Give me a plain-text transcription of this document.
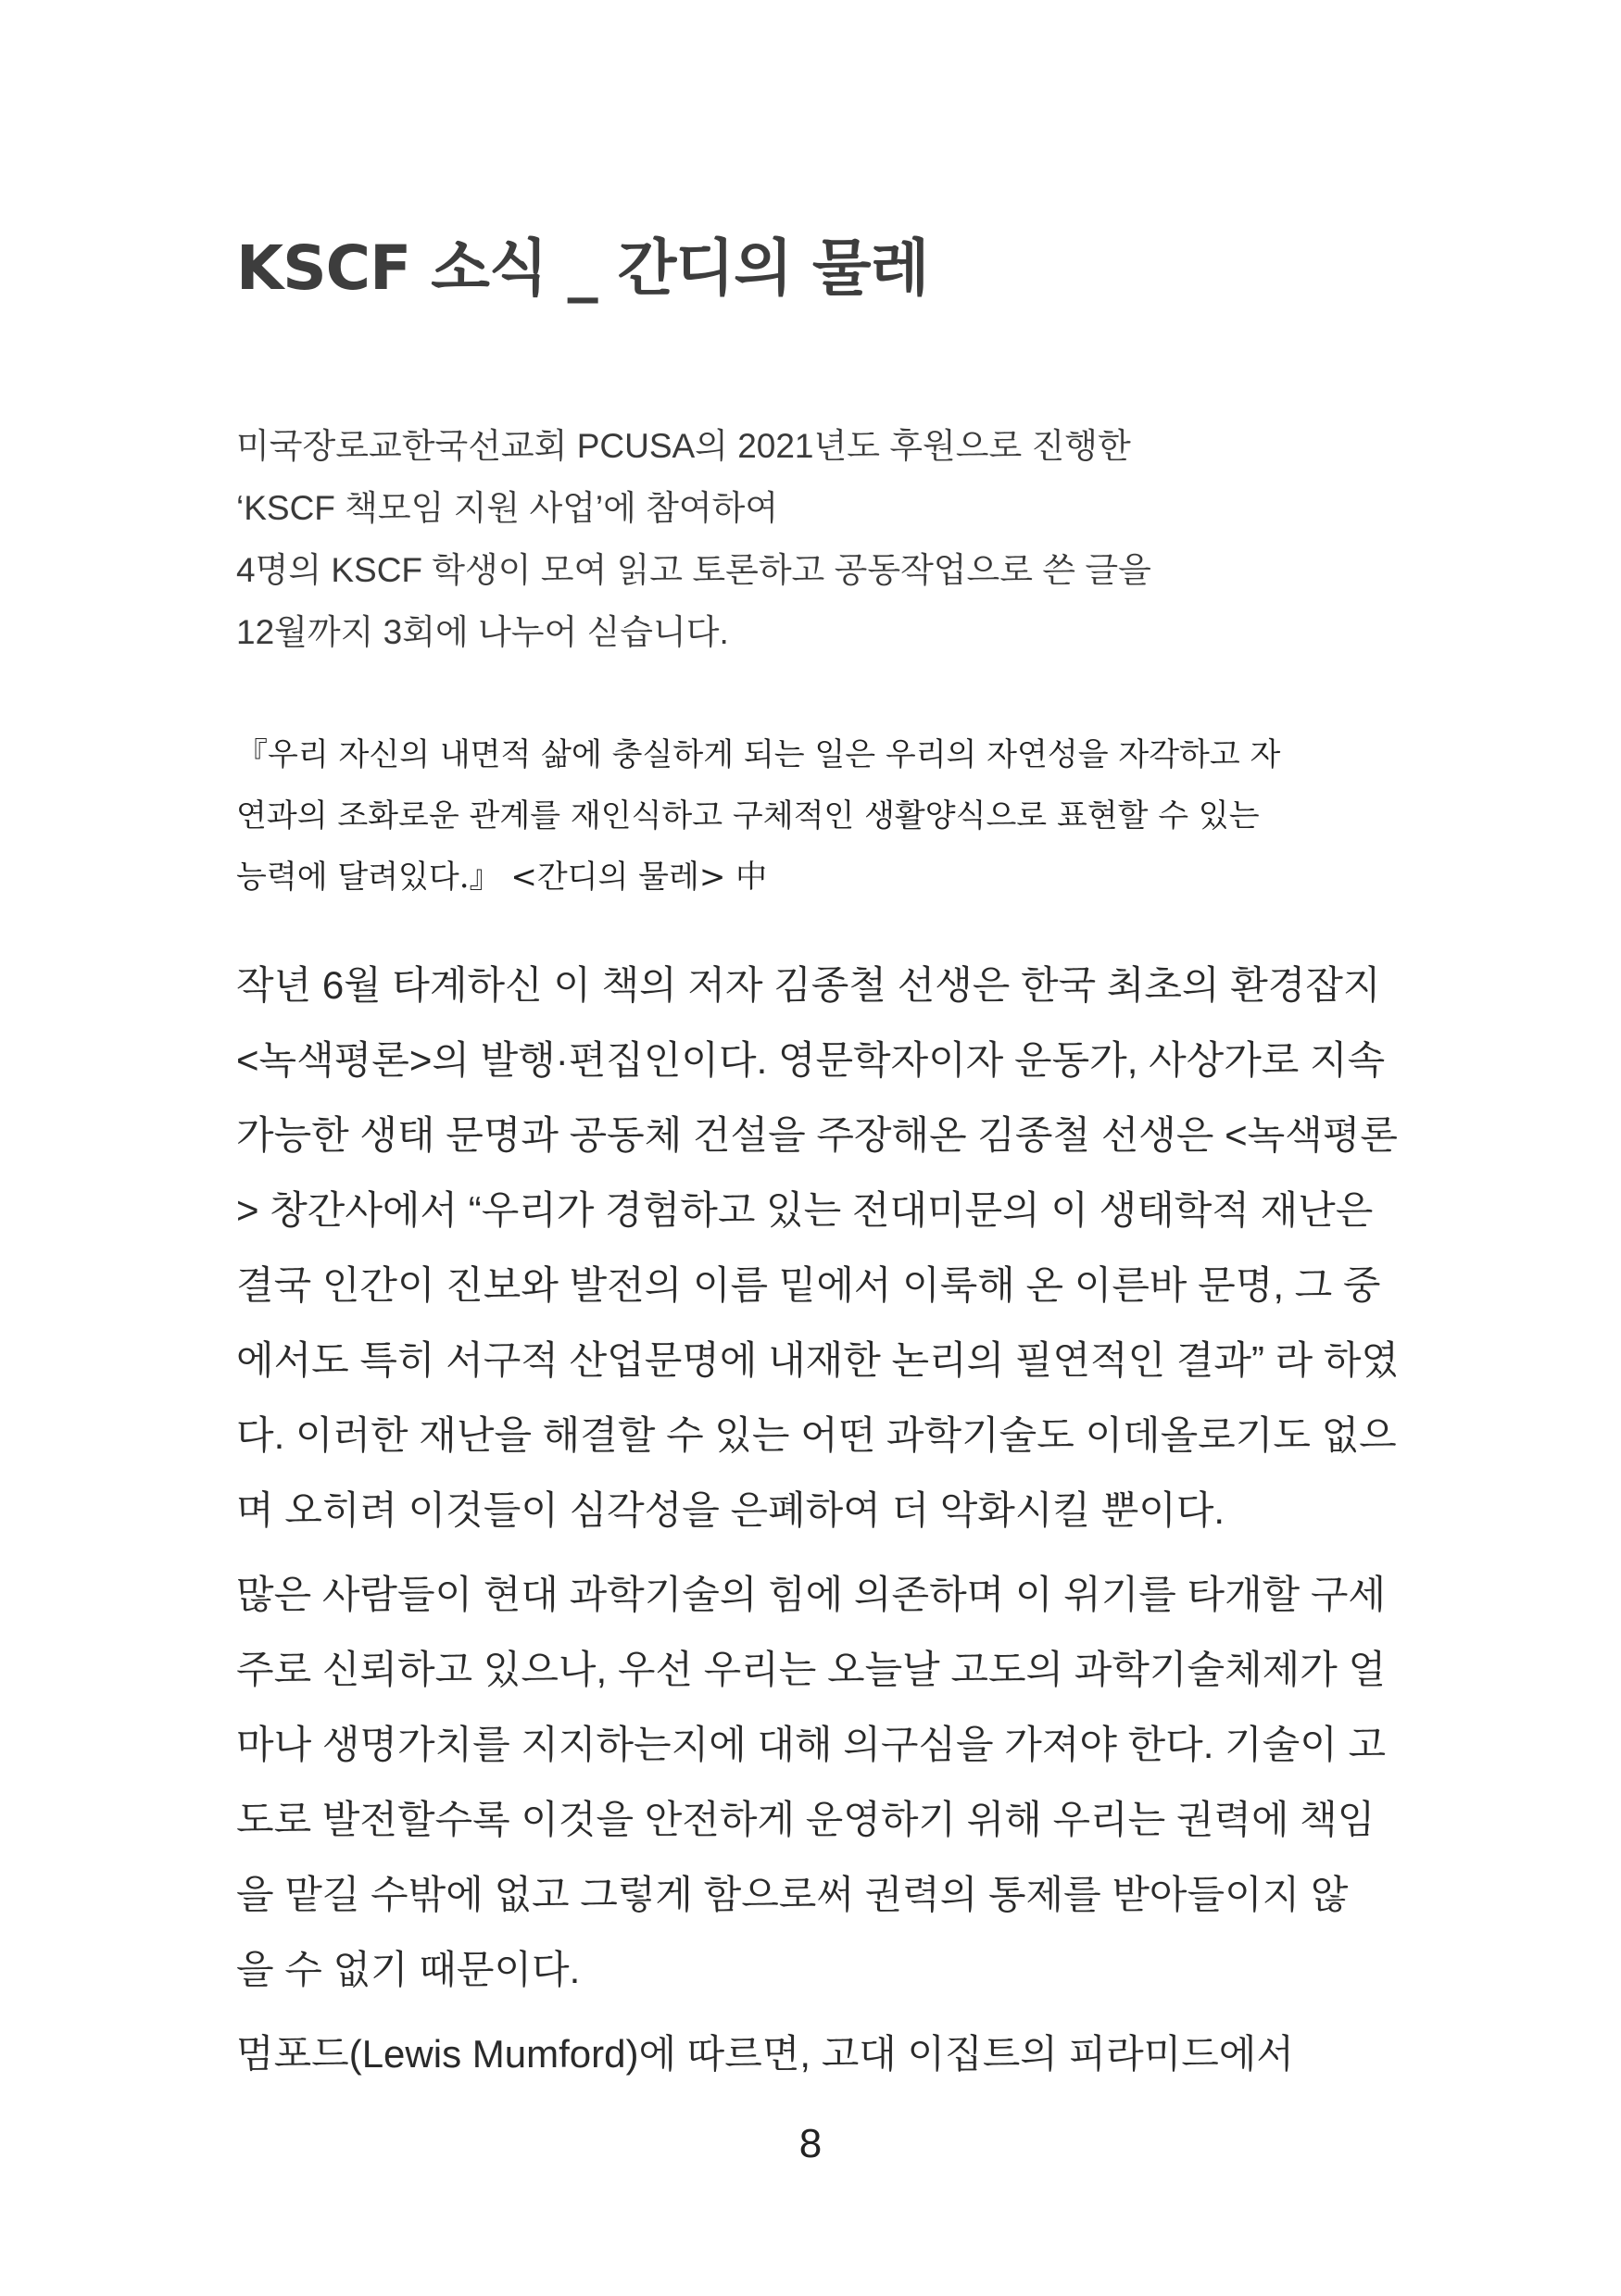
KSCF 소식 _ 간디의 물레
미국장로교한국선교회 PCUSA의 2021년도 후원으로 진행한
‘KSCF 책모임 지원 사업’에 참여하여
4명의 KSCF 학생이 모여 읽고 토론하고 공동작업으로 쓴 글을
12월까지 3회에 나누어 싣습니다.
『우리 자신의 내면적 삶에 충실하게 되는 일은 우리의 자연성을 자각하고 자
연과의 조화로운 관계를 재인식하고 구체적인 생활양식으로 표현할 수 있는
능력에 달려있다.』 <간디의 물레> 中

작년 6월 타계하신 이 책의 저자 김종철 선생은 한국 최초의 환경잡지
<녹색평론>의 발행·편집인이다. 영문학자이자 운동가, 사상가로 지속
가능한 생태 문명과 공동체 건설을 주장해온 김종철 선생은 <녹색평론
> 창간사에서 “우리가 경험하고 있는 전대미문의 이 생태학적 재난은
결국 인간이 진보와 발전의 이름 밑에서 이룩해 온 이른바 문명, 그 중
에서도 특히 서구적 산업문명에 내재한 논리의 필연적인 결과” 라 하였
다. 이러한 재난을 해결할 수 있는 어떤 과학기술도 이데올로기도 없으
며 오히려 이것들이 심각성을 은폐하여 더 악화시킬 뿐이다.

많은 사람들이 현대 과학기술의 힘에 의존하며 이 위기를 타개할 구세
주로 신뢰하고 있으나, 우선 우리는 오늘날 고도의 과학기술체제가 얼
마나 생명가치를 지지하는지에 대해 의구심을 가져야 한다. 기술이 고
도로 발전할수록 이것을 안전하게 운영하기 위해 우리는 권력에 책임
을 맡길 수밖에 없고 그렇게 함으로써 권력의 통제를 받아들이지 않
을 수 없기 때문이다.

멈포드(Lewis Mumford)에 따르면, 고대 이집트의 피라미드에서

8
